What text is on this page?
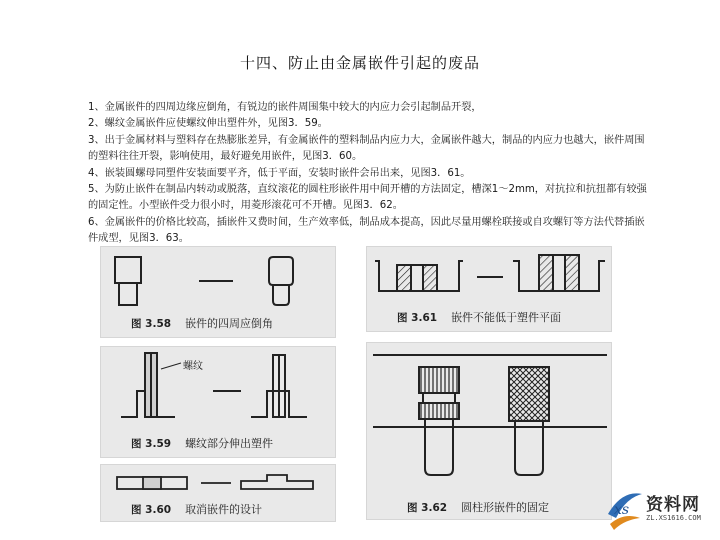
十四、防止由金属嵌件引起的废品

1、金属嵌件的四周边缘应倒角，有锐边的嵌件周围集中较大的内应力会引起制品开裂，

2、螺纹金属嵌件应使螺纹伸出塑件外，见图3．59。

3、出于金属材料与塑料存在热膨胀差异，有金属嵌件的塑料制品内应力大，金属嵌件越大，制品的内应力也越大，嵌件周围的塑料往往开裂，影响使用，最好避免用嵌件，见图3．60。

4、嵌装圆螺母同塑件安装面要平齐，低于平面，安装时嵌件会吊出来，见图3．61。

5、为防止嵌件在制品内转动或脱落，直纹滚花的圆柱形嵌件用中间开槽的方法固定，槽深1～2mm，对抗拉和抗扭都有较强的固定性。小型嵌件受力很小时，用菱形滚花可不开槽。见图3．62。

6、金属嵌件的价格比较高，插嵌件又费时间，生产效率低，制品成本提高，因此尽量用螺栓联接或自攻螺钉等方法代替插嵌件成型，见图3．63。

图 3.58 嵌件的四周应倒角
螺纹
图 3.59 螺纹部分伸出塑件
图 3.60 取消嵌件的设计
图 3.61 嵌件不能低于塑件平面
图 3.62 圆柱形嵌件的固定	xs 资料网
ZL.XS1616.COM
